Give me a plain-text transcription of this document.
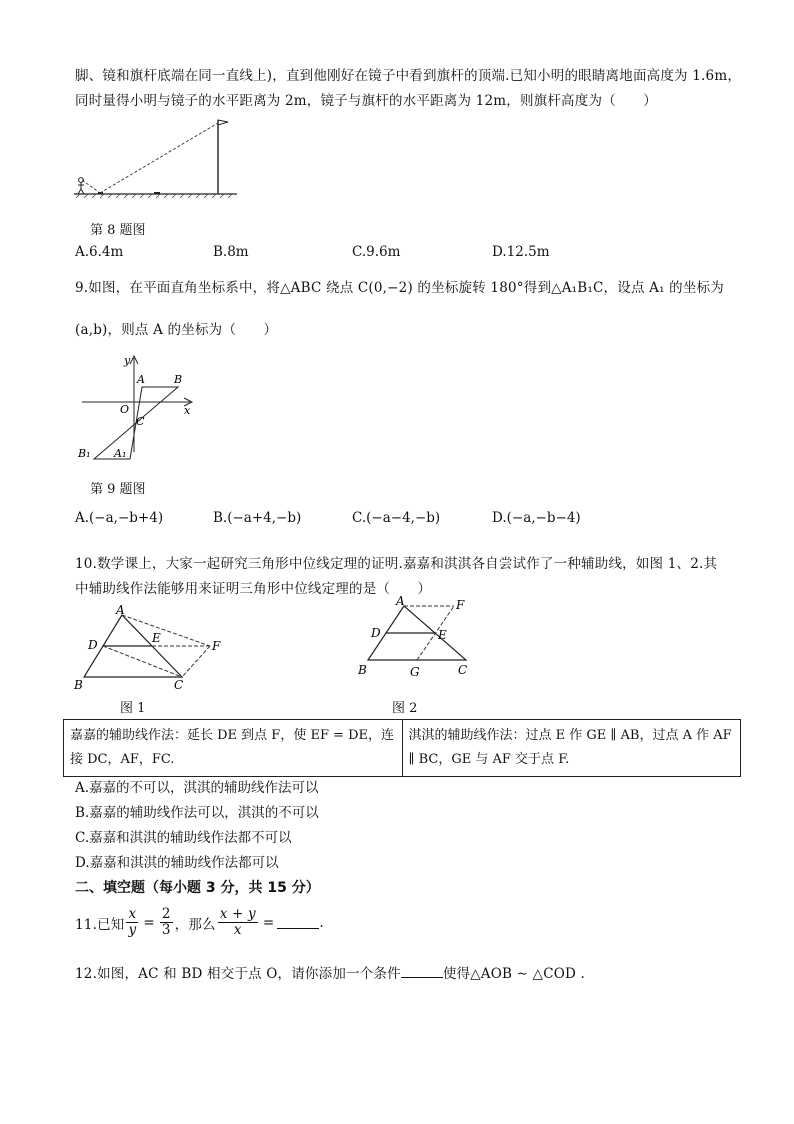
脚、镜和旗杆底端在同一直线上)，直到他刚好在镜子中看到旗杆的顶端.已知小明的眼睛离地面高度为 1.6m，
同时量得小明与镜子的水平距离为 2m，镜子与旗杆的水平距离为 12m，则旗杆高度为（　　）
第 8 题图
A.6.4m	B.8m	C.9.6m	D.12.5m
9.如图，在平面直角坐标系中，将△ABC 绕点 C(0,−2) 的坐标旋转 180°得到△A₁B₁C，设点 A₁ 的坐标为
(a,b)，则点 A 的坐标为（　　）
y
x
O
A	B
C
B₁ A₁
第 9 题图
A.(−a,−b+4)	B.(−a+4,−b)	C.(−a−4,−b)	D.(−a,−b−4)
10.数学课上，大家一起研究三角形中位线定理的证明.嘉嘉和淇淇各自尝试作了一种辅助线，如图 1、2.其
中辅助线作法能够用来证明三角形中位线定理的是（　　）
A
D	E
F
B	C
A	F
D	E
B	G	C
图 1	图 2
嘉嘉的辅助线作法：延长 DE 到点 F，使 EF = DE，连接 DC，AF，FC.	淇淇的辅助线作法：过点 E 作 GE ∥ AB，过点 A 作 AF ∥ BC，GE 与 AF 交于点 F.
A.嘉嘉的不可以，淇淇的辅助线作法可以
B.嘉嘉的辅助线作法可以，淇淇的不可以
C.嘉嘉和淇淇的辅助线作法都不可以
D.嘉嘉和淇淇的辅助线作法都可以
二、填空题（每小题 3 分，共 15 分）
11.已知 $\frac{x}{y} = \frac{2}{3}$ ，那么 $\frac{x + y}{x}$ =	.
12.如图，AC 和 BD 相交于点 O，请你添加一个条件	使得△AOB ∼ △COD .
